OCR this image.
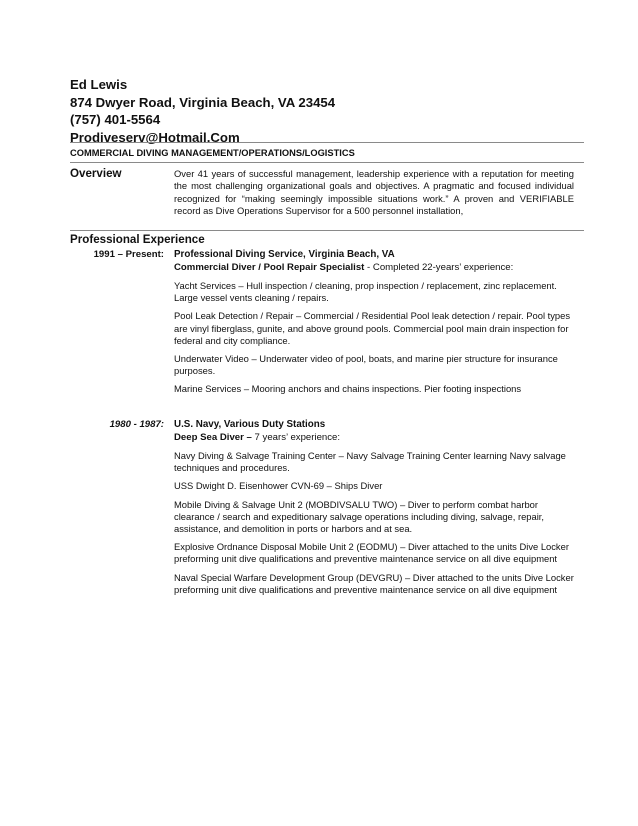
Ed Lewis
874 Dwyer Road, Virginia Beach, VA 23454
(757) 401-5564
Prodiveserv@Hotmail.Com
COMMERCIAL DIVING MANAGEMENT/OPERATIONS/LOGISTICS
Overview	Over 41 years of successful management, leadership experience with a reputation for meeting the most challenging organizational goals and objectives. A pragmatic and focused individual recognized for “making seemingly impossible situations work.” A proven and VERIFIABLE record as Dive Operations Supervisor for a 500 personnel installation,
Professional Experience
1991 – Present: Professional Diving Service, Virginia Beach, VA
Commercial Diver / Pool Repair Specialist - Completed 22-years’ experience:
Yacht Services – Hull inspection / cleaning, prop inspection / replacement, zinc replacement. Large vessel vents cleaning / repairs.
Pool Leak Detection / Repair – Commercial / Residential Pool leak detection / repair. Pool types are vinyl fiberglass, gunite, and above ground pools. Commercial pool main drain inspection for federal and city compliance.
Underwater Video – Underwater video of pool, boats, and marine pier structure for insurance purposes.
Marine Services – Mooring anchors and chains inspections. Pier footing inspections
1980 - 1987: U.S. Navy, Various Duty Stations
Deep Sea Diver – 7 years’ experience:
Navy Diving & Salvage Training Center – Navy Salvage Training Center learning Navy salvage techniques and procedures.
USS Dwight D. Eisenhower CVN-69 – Ships Diver
Mobile Diving & Salvage Unit 2 (MOBDIVSALU TWO) – Diver to perform combat harbor clearance / search and expeditionary salvage operations including diving, salvage, repair, assistance, and demolition in ports or harbors and at sea.
Explosive Ordnance Disposal Mobile Unit 2 (EODMU) – Diver attached to the units Dive Locker preforming unit dive qualifications and preventive maintenance service on all dive equipment
Naval Special Warfare Development Group (DEVGRU) – Diver attached to the units Dive Locker preforming unit dive qualifications and preventive maintenance service on all dive equipment
